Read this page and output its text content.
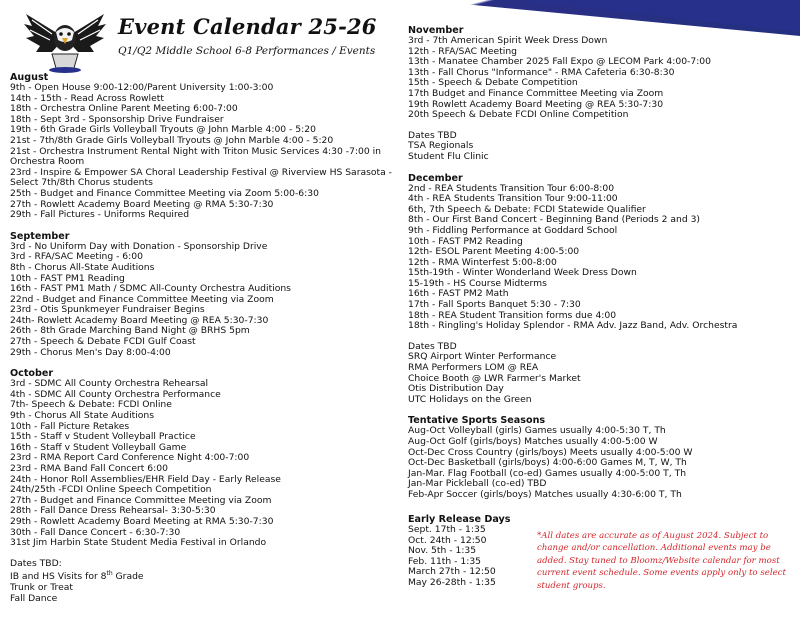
Event Calendar 25-26

Q1/Q2 Middle School 6-8 Performances / Events

August
9th - Open House 9:00-12:00/Parent University 1:00-3:00
14th - 15th - Read Across Rowlett
18th - Orchestra Online Parent Meeting 6:00-7:00
18th - Sept 3rd - Sponsorship Drive Fundraiser
19th - 6th Grade Girls Volleyball Tryouts @ John Marble 4:00 - 5:20
21st - 7th/8th Grade Girls Volleyball Tryouts @ John Marble 4:00 - 5:20
21st - Orchestra Instrument Rental Night with Triton Music Services 4:30 -7:00 in Orchestra Room
23rd - Inspire & Empower SA Choral Leadership Festival @ Riverview HS Sarasota - Select 7th/8th Chorus students
25th - Budget and Finance Committee Meeting via Zoom 5:00-6:30
27th - Rowlett Academy Board Meeting @ RMA 5:30-7:30
29th - Fall Pictures - Uniforms Required
September
3rd - No Uniform Day with Donation - Sponsorship Drive
3rd - RFA/SAC Meeting - 6:00
8th - Chorus All-State Auditions
10th - FAST PM1 Reading
16th - FAST PM1 Math / SDMC All-County Orchestra Auditions
22nd - Budget and Finance Committee Meeting via Zoom
23rd - Otis Spunkmeyer Fundraiser Begins
24th- Rowlett Academy Board Meeting @ REA 5:30-7:30
26th - 8th Grade Marching Band Night @ BRHS 5pm
27th - Speech & Debate FCDI Gulf Coast
29th - Chorus Men's Day 8:00-4:00
October
3rd - SDMC All County Orchestra Rehearsal
4th - SDMC All County Orchestra Performance
7th- Speech & Debate: FCDI Online
9th - Chorus All State Auditions
10th - Fall Picture Retakes
15th - Staff v Student Volleyball Practice
16th - Staff v Student Volleyball Game
23rd - RMA Report Card Conference Night 4:00-7:00
23rd - RMA Band Fall Concert 6:00
24th - Honor Roll Assemblies/EHR Field Day - Early Release
24th/25th -FCDI Online Speech Competition
27th - Budget and Finance Committee Meeting via Zoom
28th - Fall Dance Dress Rehearsal- 3:30-5:30
29th - Rowlett Academy Board Meeting at RMA 5:30-7:30
30th - Fall Dance Concert - 6:30-7:30
31st Jim Harbin State Student Media Festival in Orlando
Dates TBD:
IB and HS Visits for 8th Grade
Trunk or Treat
Fall Dance
November
3rd - 7th American Spirit Week Dress Down
12th - RFA/SAC Meeting
13th - Manatee Chamber 2025 Fall Expo @ LECOM Park 4:00-7:00
13th - Fall Chorus "Informance" - RMA Cafeteria 6:30-8:30
15th - Speech & Debate Competition
17th Budget and Finance Committee Meeting via Zoom
19th Rowlett Academy Board Meeting @ REA 5:30-7:30
20th Speech & Debate FCDI Online Competition
Dates TBD
TSA Regionals
Student Flu Clinic
December
2nd - REA Students Transition Tour 6:00-8:00
4th - REA Students Transition Tour 9:00-11:00
6th, 7th Speech & Debate: FCDI Statewide Qualifier
8th - Our First Band Concert - Beginning Band (Periods 2 and 3)
9th - Fiddling Performance at Goddard School
10th - FAST PM2 Reading
12th- ESOL Parent Meeting 4:00-5:00
12th - RMA Winterfest 5:00-8:00
15th-19th - Winter Wonderland Week Dress Down
15-19th - HS Course Midterms
16th - FAST PM2 Math
17th - Fall Sports Banquet 5:30 - 7:30
18th - REA Student Transition forms due 4:00
18th - Ringling's Holiday Splendor - RMA Adv. Jazz Band, Adv. Orchestra
Dates TBD
SRQ Airport Winter Performance
RMA Performers LOM @ REA
Choice Booth @ LWR Farmer's Market
Otis Distribution Day
UTC Holidays on the Green
Tentative Sports Seasons
Aug-Oct Volleyball (girls) Games usually 4:00-5:30 T, Th
Aug-Oct Golf (girls/boys) Matches usually 4:00-5:00 W
Oct-Dec Cross Country (girls/boys) Meets usually 4:00-5:00 W
Oct-Dec Basketball (girls/boys) 4:00-6:00 Games M, T, W, Th
Jan-Mar. Flag Football (co-ed) Games usually 4:00-5:00 T, Th
Jan-Mar Pickleball (co-ed) TBD
Feb-Apr Soccer (girls/boys) Matches usually 4:30-6:00 T, Th
Early Release Days
Sept. 17th - 1:35
Oct. 24th - 12:50
Nov. 5th - 1:35
Feb. 11th - 1:35
March 27th - 12:50
May 26-28th - 1:35

*All dates are accurate as of August 2024. Subject to change and/or cancellation. Additional events may be added. Stay tuned to Bloomz/Website calendar for most current event schedule. Some events apply only to select student groups.
